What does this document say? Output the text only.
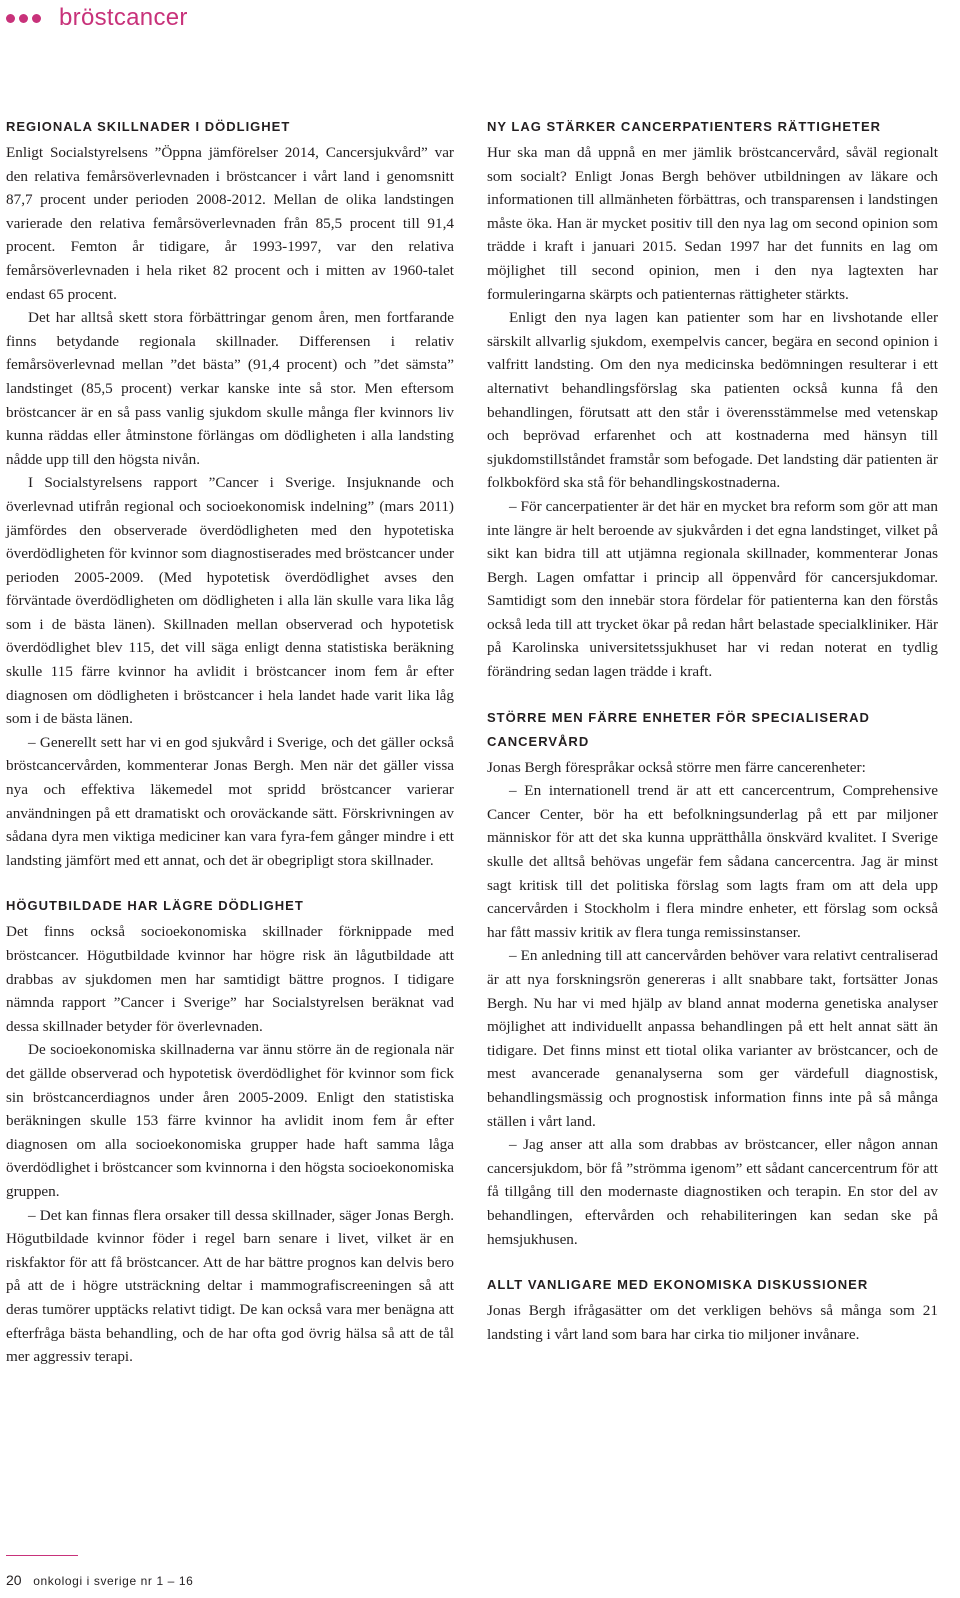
bröstcancer
REGIONALA SKILLNADER I DÖDLIGHET

Enligt Socialstyrelsens ”Öppna jämförelser 2014, Cancersjukvård” var den relativa femårsöverlevnaden i bröstcancer i vårt land i genomsnitt 87,7 procent under perioden 2008-2012. Mellan de olika landstingen varierade den relativa femårsöverlevnaden från 85,5 procent till 91,4 procent. Femton år tidigare, år 1993-1997, var den relativa femårsöverlevnaden i hela riket 82 procent och i mitten av 1960-talet endast 65 procent.

Det har alltså skett stora förbättringar genom åren, men fortfarande finns betydande regionala skillnader. Differensen i relativ femårsöverlevnad mellan ”det bästa” (91,4 procent) och ”det sämsta” landstinget (85,5 procent) verkar kanske inte så stor. Men eftersom bröstcancer är en så pass vanlig sjukdom skulle många fler kvinnors liv kunna räddas eller åtminstone förlängas om dödligheten i alla landsting nådde upp till den högsta nivån.

I Socialstyrelsens rapport ”Cancer i Sverige. Insjuknande och överlevnad utifrån regional och socioekonomisk indelning” (mars 2011) jämfördes den observerade överdödligheten med den hypotetiska överdödligheten för kvinnor som diagnostiserades med bröstcancer under perioden 2005-2009. (Med hypotetisk överdödlighet avses den förväntade överdödligheten om dödligheten i alla län skulle vara lika låg som i de bästa länen). Skillnaden mellan observerad och hypotetisk överdödlighet blev 115, det vill säga enligt denna statistiska beräkning skulle 115 färre kvinnor ha avlidit i bröstcancer inom fem år efter diagnosen om dödligheten i bröstcancer i hela landet hade varit lika låg som i de bästa länen.

– Generellt sett har vi en god sjukvård i Sverige, och det gäller också bröstcancervården, kommenterar Jonas Bergh. Men när det gäller vissa nya och effektiva läkemedel mot spridd bröstcancer varierar användningen på ett dramatiskt och oroväckande sätt. Förskrivningen av sådana dyra men viktiga mediciner kan vara fyra-fem gånger mindre i ett landsting jämfört med ett annat, och det är obegripligt stora skillnader.

HÖGUTBILDADE HAR LÄGRE DÖDLIGHET

Det finns också socioekonomiska skillnader förknippade med bröstcancer. Högutbildade kvinnor har högre risk än lågutbildade att drabbas av sjukdomen men har samtidigt bättre prognos. I tidigare nämnda rapport ”Cancer i Sverige” har Socialstyrelsen beräknat vad dessa skillnader betyder för överlevnaden.

De socioekonomiska skillnaderna var ännu större än de regionala när det gällde observerad och hypotetisk överdödlighet för kvinnor som fick sin bröstcancerdiagnos under åren 2005-2009. Enligt den statistiska beräkningen skulle 153 färre kvinnor ha avlidit inom fem år efter diagnosen om alla socioekonomiska grupper hade haft samma låga överdödlighet i bröstcancer som kvinnorna i den högsta socioekonomiska gruppen.

– Det kan finnas flera orsaker till dessa skillnader, säger Jonas Bergh. Högutbildade kvinnor föder i regel barn senare i livet, vilket är en riskfaktor för att få bröstcancer. Att de har bättre prognos kan delvis bero på att de i högre utsträckning deltar i mammografiscreeningen så att deras tumörer upptäcks relativt tidigt. De kan också vara mer benägna att efterfråga bästa behandling, och de har ofta god övrig hälsa så att de tål mer aggressiv terapi.

NY LAG STÄRKER CANCERPATIENTERS RÄTTIGHETER

Hur ska man då uppnå en mer jämlik bröstcancervård, såväl regionalt som socialt? Enligt Jonas Bergh behöver utbildningen av läkare och informationen till allmänheten förbättras, och transparensen i landstingen måste öka. Han är mycket positiv till den nya lag om second opinion som trädde i kraft i januari 2015. Sedan 1997 har det funnits en lag om möjlighet till second opinion, men i den nya lagtexten har formuleringarna skärpts och patienternas rättigheter stärkts.

Enligt den nya lagen kan patienter som har en livshotande eller särskilt allvarlig sjukdom, exempelvis cancer, begära en second opinion i valfritt landsting. Om den nya medicinska bedömningen resulterar i ett alternativt behandlingsförslag ska patienten också kunna få den behandlingen, förutsatt att den står i överensstämmelse med vetenskap och beprövad erfarenhet och att kostnaderna med hänsyn till sjukdomstillståndet framstår som befogade. Det landsting där patienten är folkbokförd ska stå för behandlingskostnaderna.

– För cancerpatienter är det här en mycket bra reform som gör att man inte längre är helt beroende av sjukvården i det egna landstinget, vilket på sikt kan bidra till att utjämna regionala skillnader, kommenterar Jonas Bergh. Lagen omfattar i princip all öppenvård för cancersjukdomar. Samtidigt som den innebär stora fördelar för patienterna kan den förstås också leda till att trycket ökar på redan hårt belastade specialkliniker. Här på Karolinska universitetssjukhuset har vi redan noterat en tydlig förändring sedan lagen trädde i kraft.

STÖRRE MEN FÄRRE ENHETER FÖR SPECIALISERAD CANCERVÅRD

Jonas Bergh förespråkar också större men färre cancerenheter:

– En internationell trend är att ett cancercentrum, Comprehensive Cancer Center, bör ha ett befolkningsunderlag på ett par miljoner människor för att det ska kunna upprätthålla önskvärd kvalitet. I Sverige skulle det alltså behövas ungefär fem sådana cancercentra. Jag är minst sagt kritisk till det politiska förslag som lagts fram om att dela upp cancervården i Stockholm i flera mindre enheter, ett förslag som också har fått massiv kritik av flera tunga remissinstanser.

– En anledning till att cancervården behöver vara relativt centraliserad är att nya forskningsrön genereras i allt snabbare takt, fortsätter Jonas Bergh. Nu har vi med hjälp av bland annat moderna genetiska analyser möjlighet att individuellt anpassa behandlingen på ett helt annat sätt än tidigare. Det finns minst ett tiotal olika varianter av bröstcancer, och de mest avancerade genanalyserna som ger värdefull diagnostisk, behandlingsmässig och prognostisk information finns inte på så många ställen i vårt land.

– Jag anser att alla som drabbas av bröstcancer, eller någon annan cancersjukdom, bör få ”strömma igenom” ett sådant cancercentrum för att få tillgång till den modernaste diagnostiken och terapin. En stor del av behandlingen, eftervården och rehabiliteringen kan sedan ske på hemsjukhusen.

ALLT VANLIGARE MED EKONOMISKA DISKUSSIONER

Jonas Bergh ifrågasätter om det verkligen behövs så många som 21 landsting i vårt land som bara har cirka tio miljoner invånare.

20 onkologi i sverige nr 1 – 16
